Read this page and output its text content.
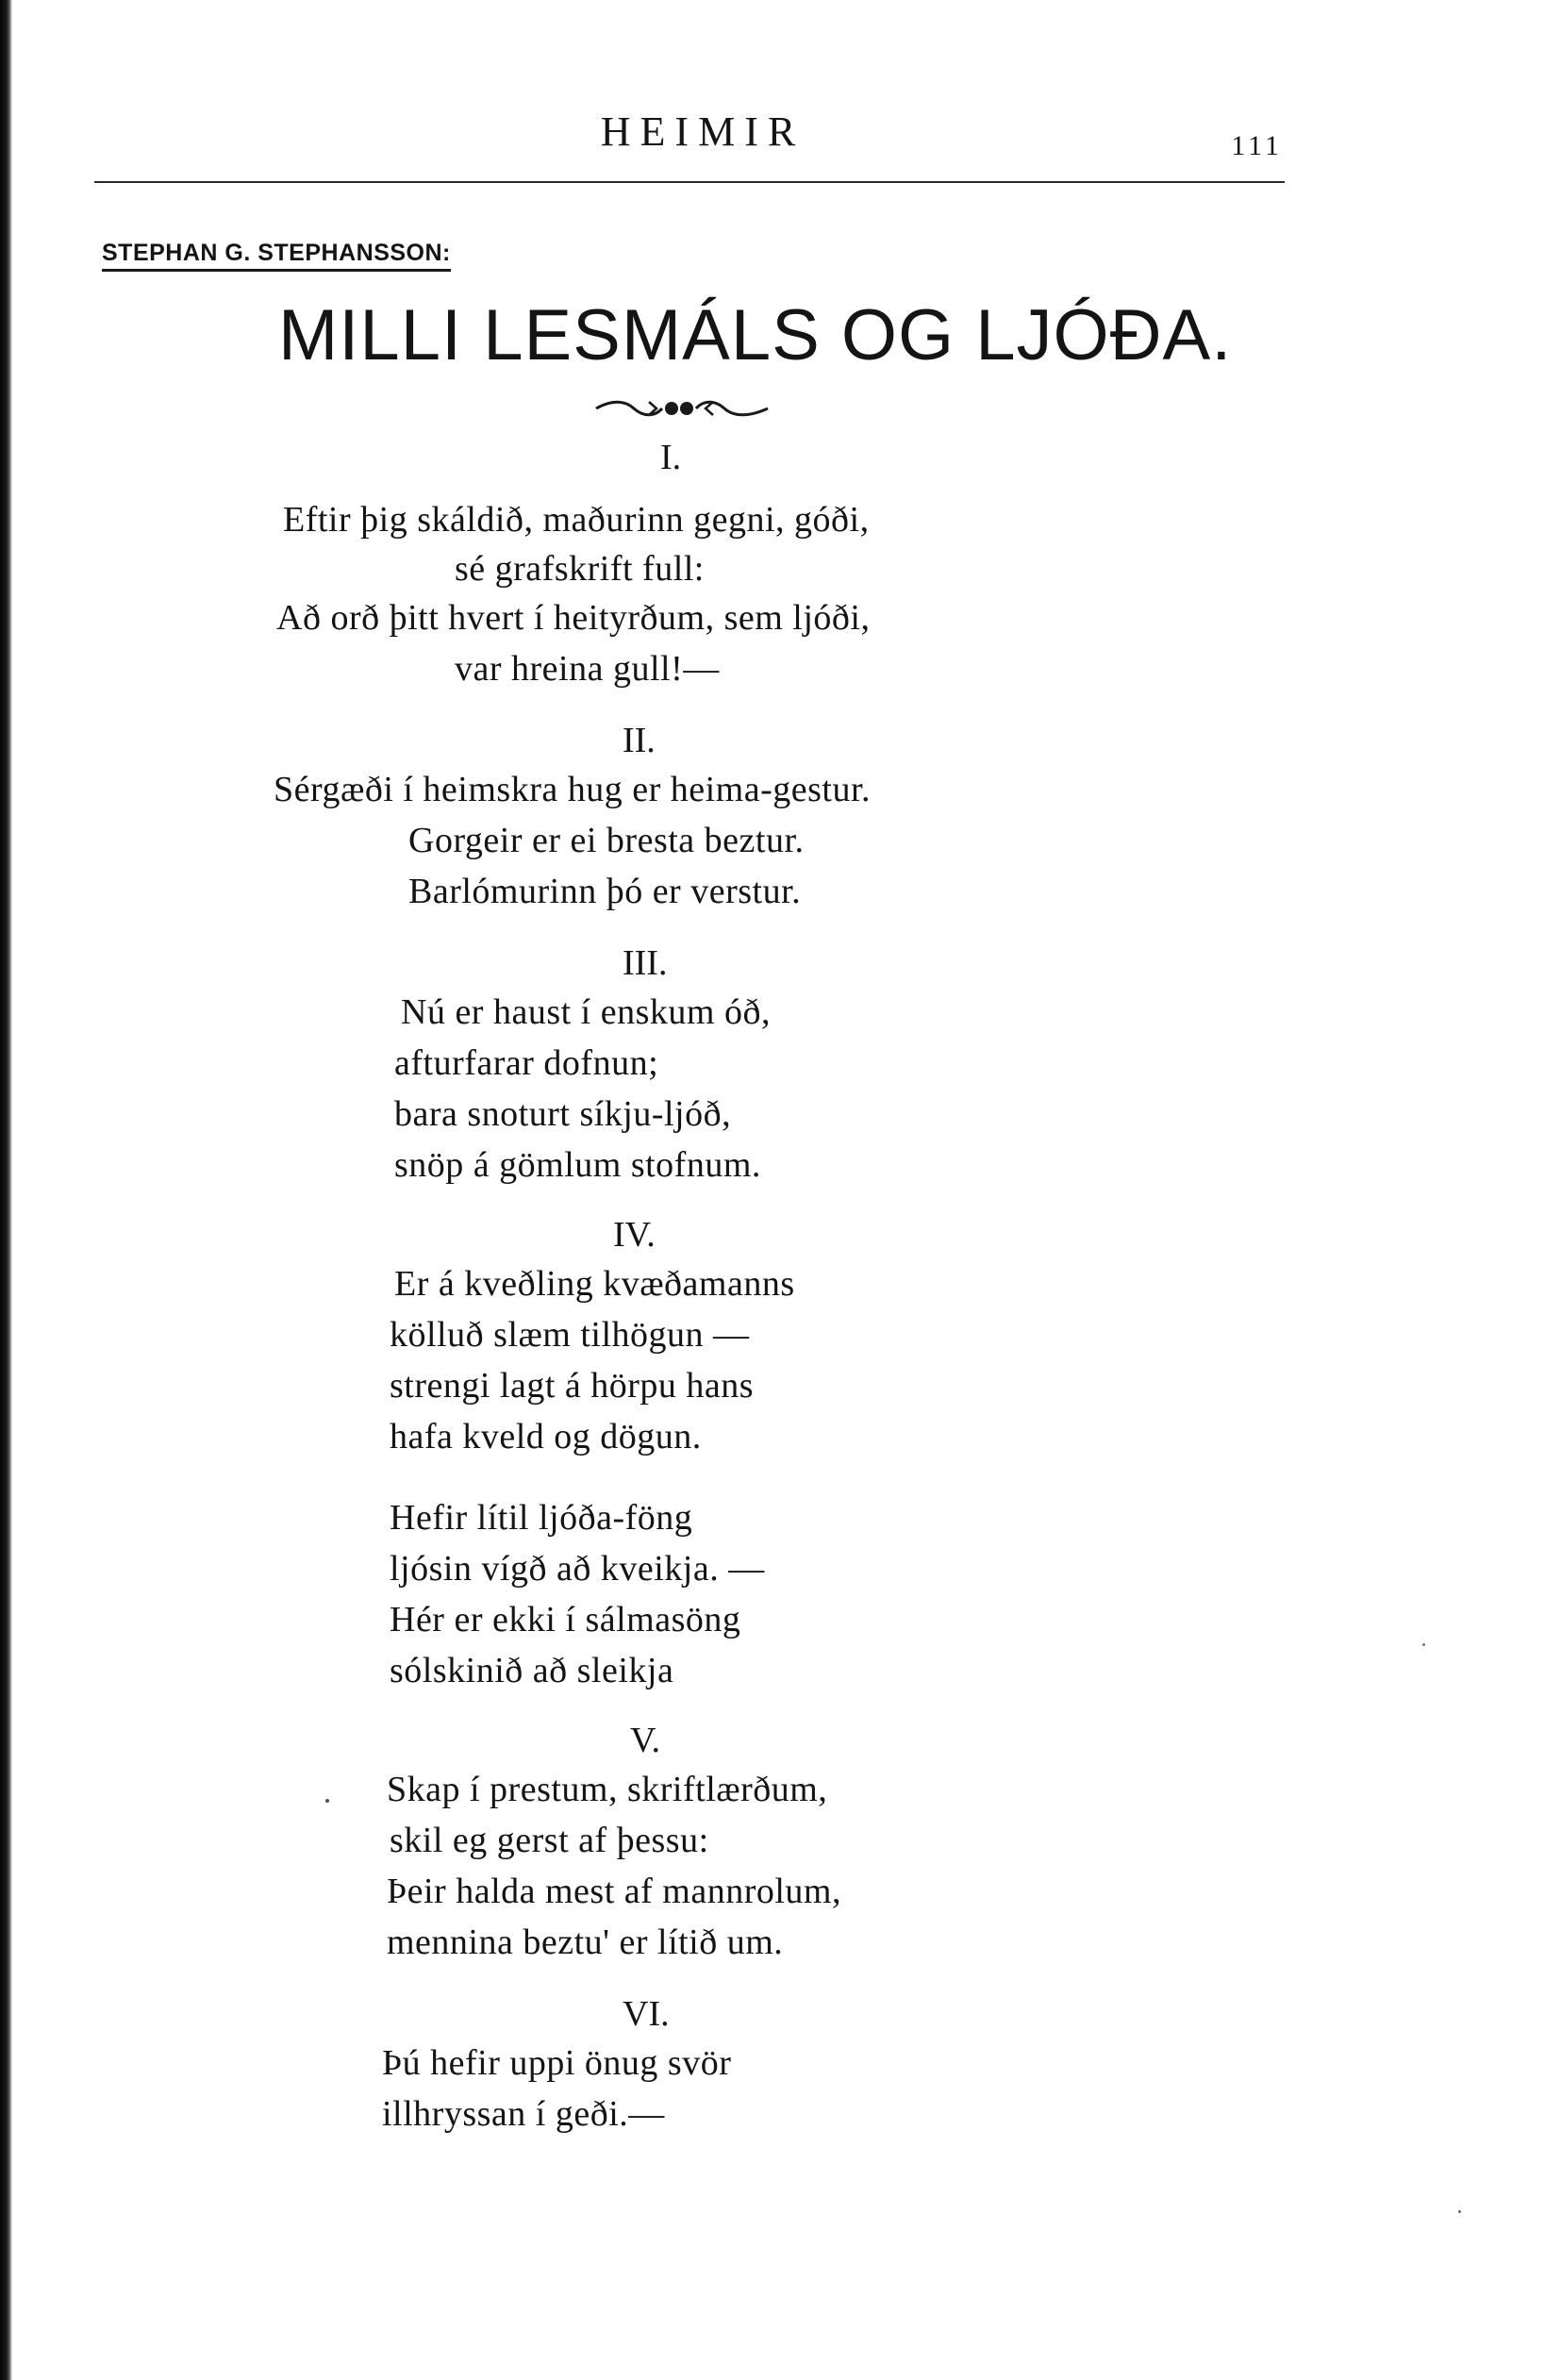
HEIMIR	111
STEPHAN G. STEPHANSSON:
MILLI LESMÁLS OG LJÓÐA.
I.
Eftir þig skáldið, maðurinn gegni, góði,
sé grafskrift full:
Að orð þitt hvert í heityrðum, sem ljóði,
var hreina gull!—
II.
Sérgæði í heimskra hug er heima-gestur.
Gorgeir er ei bresta beztur.
Barlómurinn þó er verstur.
III.
Nú er haust í enskum óð,
afturfarar dofnun;
bara snoturt síkju-ljóð,
snöp á gömlum stofnum.
IV.
Er á kveðling kvæðamanns
kölluð slæm tilhögun —
strengi lagt á hörpu hans
hafa kveld og dögun.
Hefir lítil ljóða-föng
ljósin vígð að kveikja. —
Hér er ekki í sálmasöng
sólskinið að sleikja
V.
Skap í prestum, skriftlærðum,
skil eg gerst af þessu:
Þeir halda mest af mannrolum,
mennina beztu' er lítið um.
VI.
Þú hefir uppi önug svör
illhryssan í geði.—
